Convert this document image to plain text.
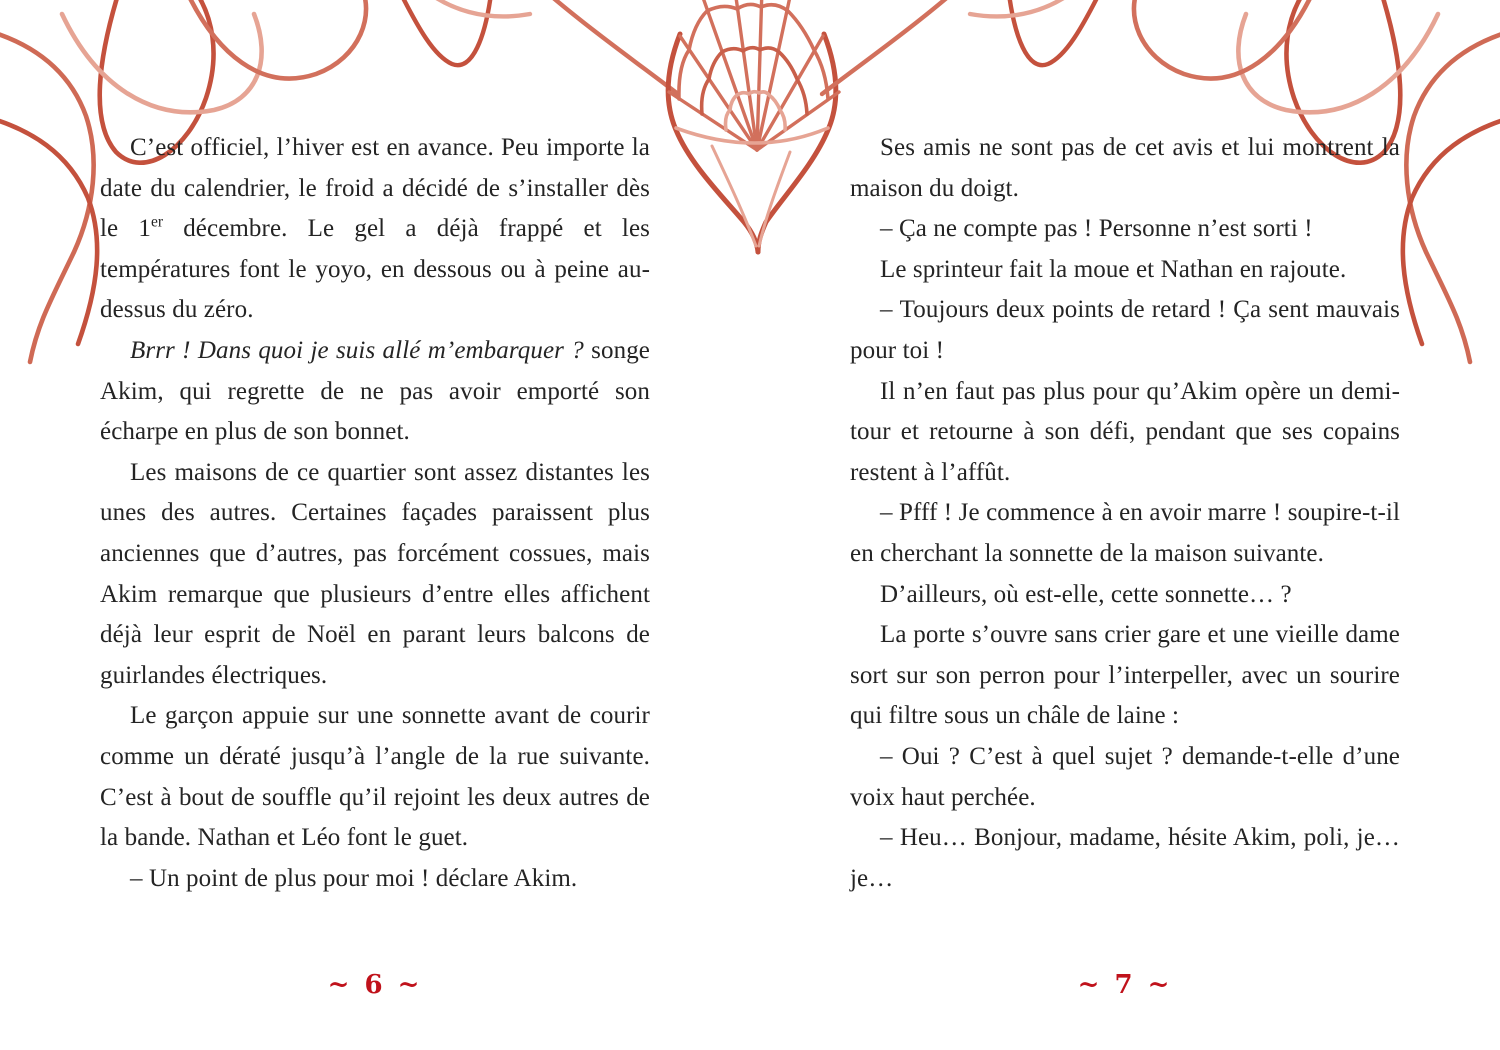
C’est officiel, l’hiver est en avance. Peu importe la date du calendrier, le froid a décidé de s’installer dès le 1er décembre. Le gel a déjà frappé et les températures font le yoyo, en dessous ou à peine au-dessus du zéro.

Brrr ! Dans quoi je suis allé m’embarquer ? songe Akim, qui regrette de ne pas avoir emporté son écharpe en plus de son bonnet.

Les maisons de ce quartier sont assez distantes les unes des autres. Certaines façades paraissent plus anciennes que d’autres, pas forcément cossues, mais Akim remarque que plusieurs d’entre elles affichent déjà leur esprit de Noël en parant leurs balcons de guirlandes électriques.

Le garçon appuie sur une sonnette avant de courir comme un dératé jusqu’à l’angle de la rue suivante. C’est à bout de souffle qu’il rejoint les deux autres de la bande. Nathan et Léo font le guet.

– Un point de plus pour moi ! déclare Akim.

~ 6 ~

Ses amis ne sont pas de cet avis et lui montrent la maison du doigt.

– Ça ne compte pas ! Personne n’est sorti !

Le sprinteur fait la moue et Nathan en rajoute.

– Toujours deux points de retard ! Ça sent mauvais pour toi !

Il n’en faut pas plus pour qu’Akim opère un demi-tour et retourne à son défi, pendant que ses copains restent à l’affût.

– Pfff ! Je commence à en avoir marre ! soupire-t-il en cherchant la sonnette de la maison suivante.

D’ailleurs, où est-elle, cette sonnette… ?

La porte s’ouvre sans crier gare et une vieille dame sort sur son perron pour l’interpeller, avec un sourire qui filtre sous un châle de laine :

– Oui ? C’est à quel sujet ? demande-t-elle d’une voix haut perchée.

– Heu… Bonjour, madame, hésite Akim, poli, je… je…

~ 7 ~
